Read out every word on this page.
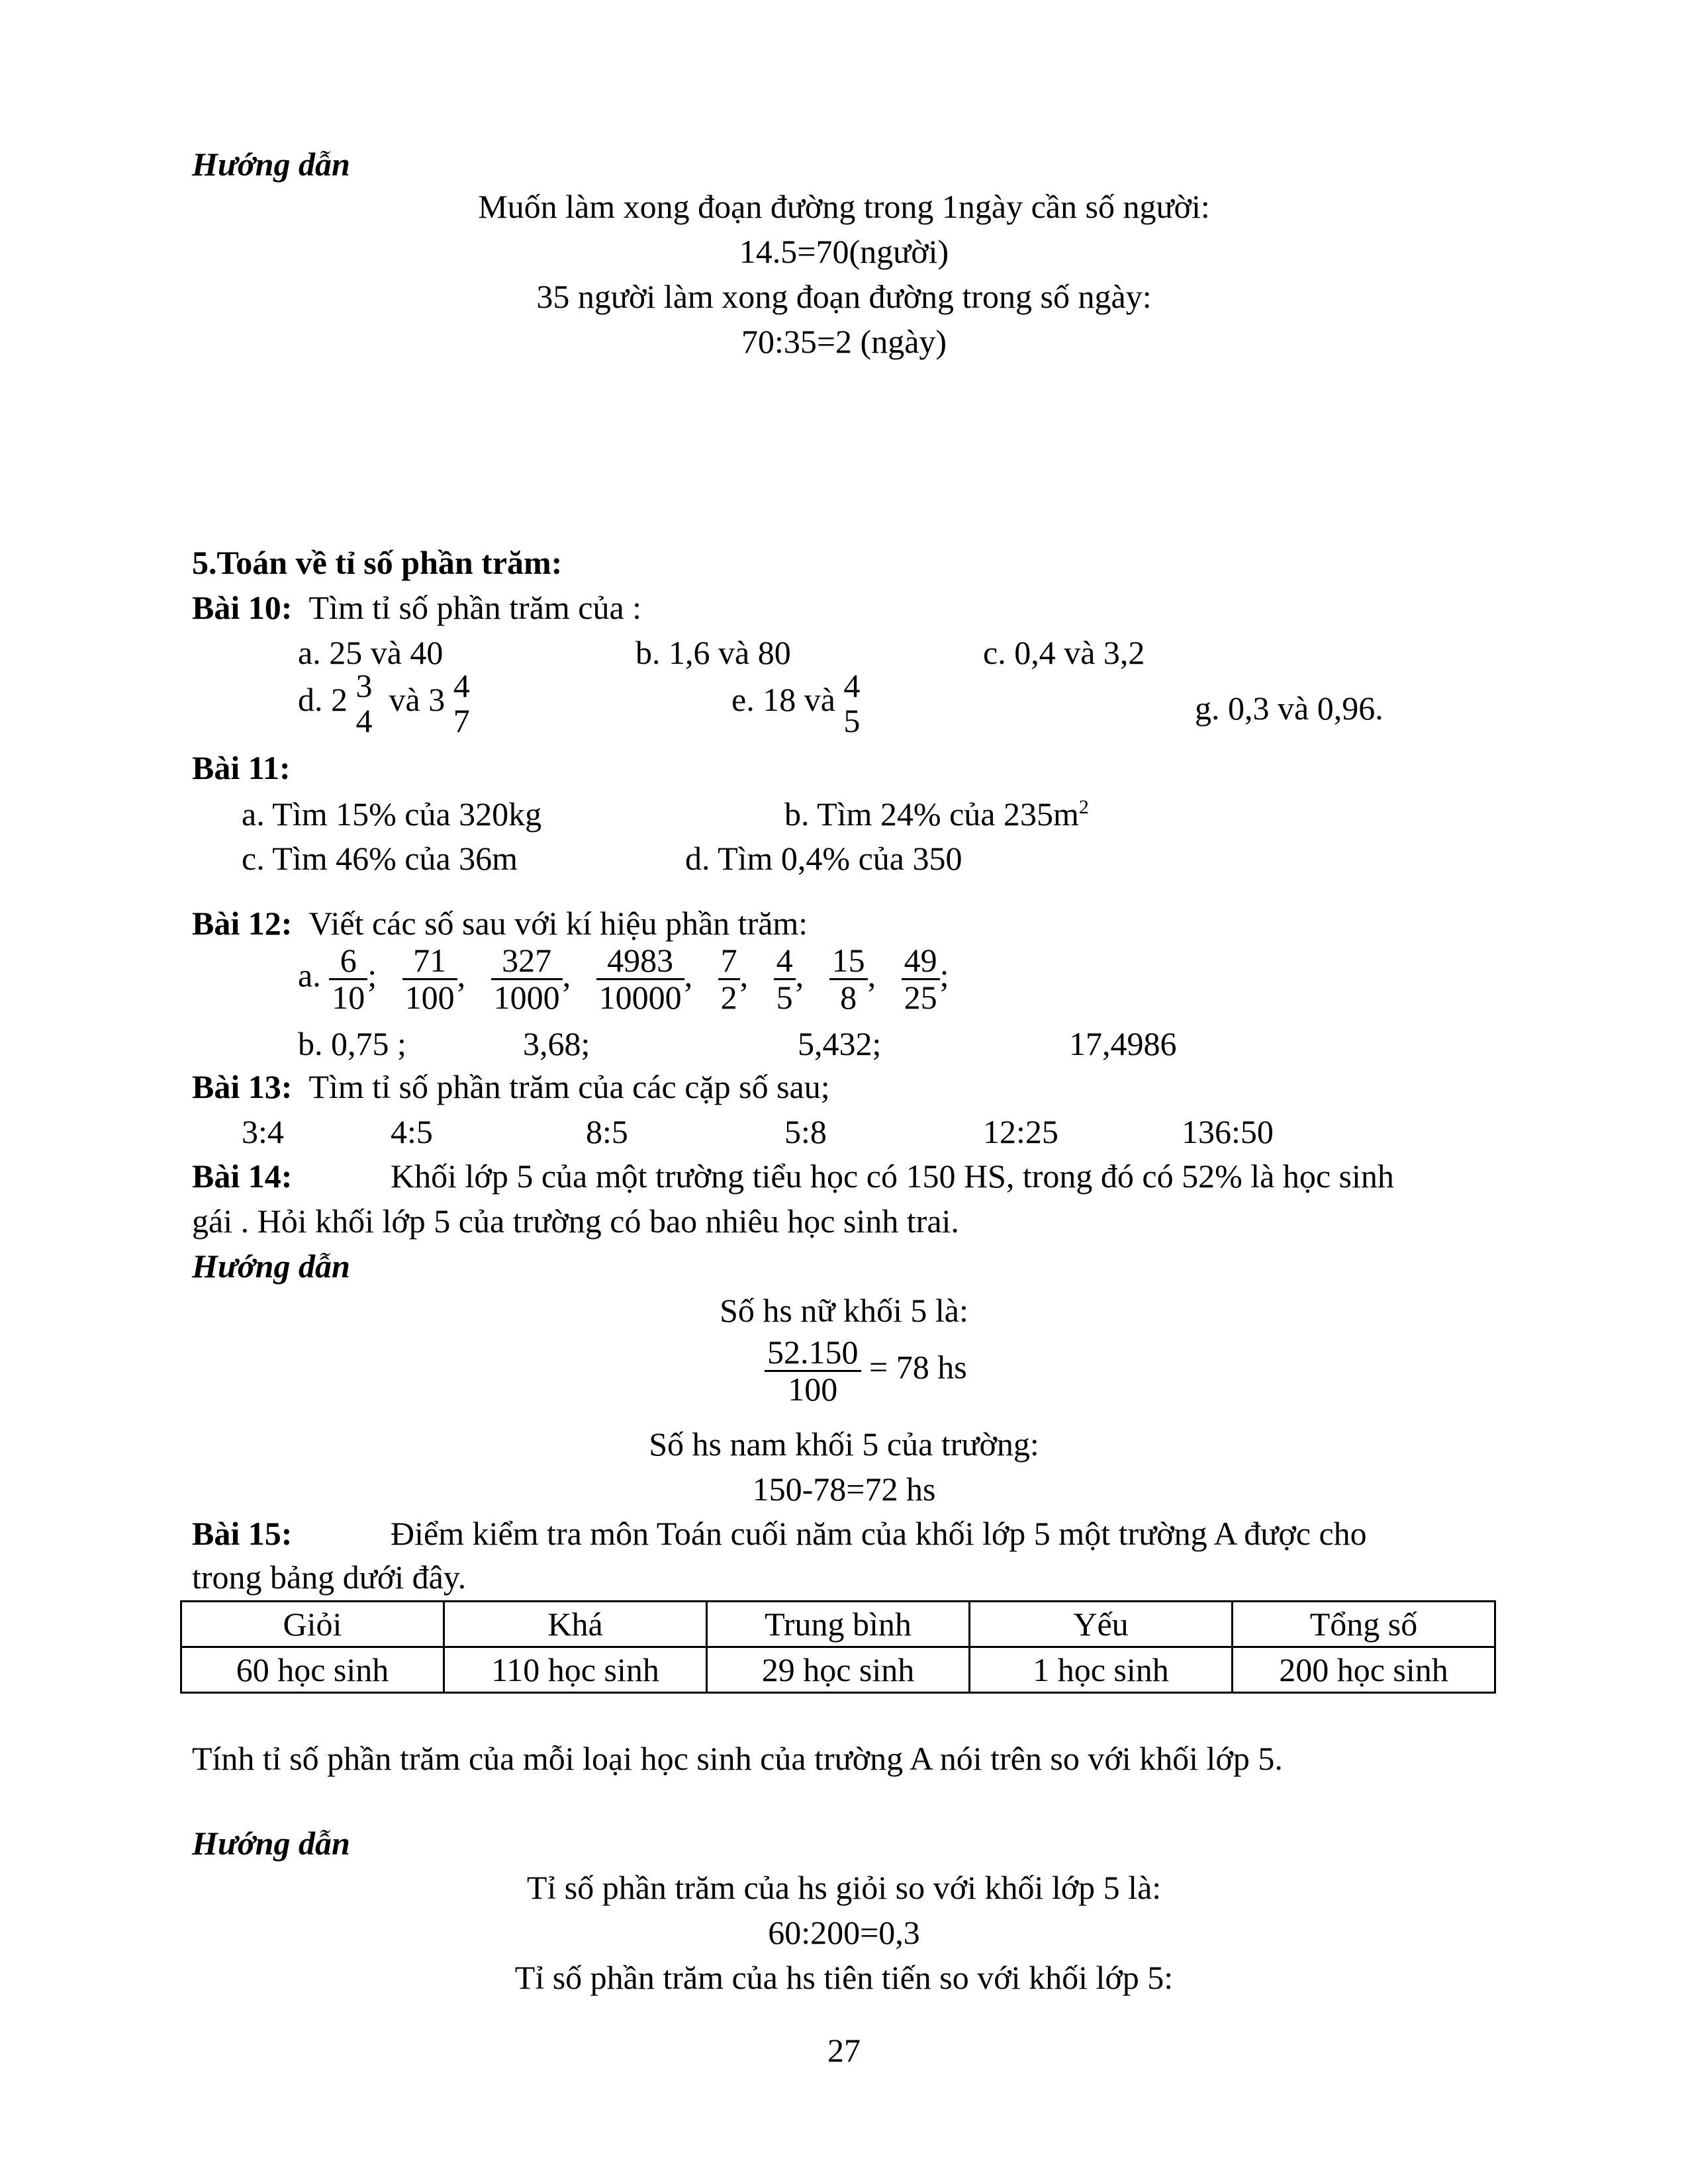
Hướng dẫn
Muốn làm xong đoạn đường trong 1ngày cần số người:
14.5=70(người)
35 người làm xong đoạn đường trong số ngày:
70:35=2 (ngày)
5.Toán về tỉ số phần trăm:
Bài 10: Tìm tỉ số phần trăm của :
a. 25 và 40	b. 1,6 và 80	c. 0,4 và 3,2
d. 2 3
4
và 3 4
7
e. 18 và 4
5	g. 0,3 và 0,96.
Bài 11:
a. Tìm 15% của 320kg	b. Tìm 24% của $235m^2$
c. Tìm 46% của 36m	d. Tìm 0,4% của 350
Bài 12: Viết các số sau với kí hiệu phần trăm:
a. $\frac{6}{10}$ ; $\frac{71}{100}$ , $\frac{327}{1000}$ , $\frac{4983}{10000}$ , $\frac{7}{2}$ , $\frac{4}{5}$ , $\frac{15}{8}$ , $\frac{49}{25}$ ;
b. 0,75 ;	3,68;	5,432;	17,4986
Bài 13: Tìm tỉ số phần trăm của các cặp số sau;
3:4	4:5	8:5	5:8	12:25	136:50
Bài 14:	Khối lớp 5 của một trường tiểu học có 150 HS, trong đó có 52% là học sinh
gái . Hỏi khối lớp 5 của trường có bao nhiêu học sinh trai.
Hướng dẫn
Số hs nữ khối 5 là:
$\frac{52.150}{100} = 78$ hs
Số hs nam khối 5 của trường:
150-78=72 hs
Bài 15:	Điểm kiểm tra môn Toán cuối năm của khối lớp 5 một trường A được cho
trong bảng dưới đây.
Giỏi	Khá	Trung bình	Yếu	Tổng số
60 học sinh	110 học sinh	29 học sinh	1 học sinh	200 học sinh
Tính tỉ số phần trăm của mỗi loại học sinh của trường A nói trên so với khối lớp 5.
Hướng dẫn
Tỉ số phần trăm của hs giỏi so với khối lớp 5 là:
60:200=0,3
Tỉ số phần trăm của hs tiên tiến so với khối lớp 5:
27
